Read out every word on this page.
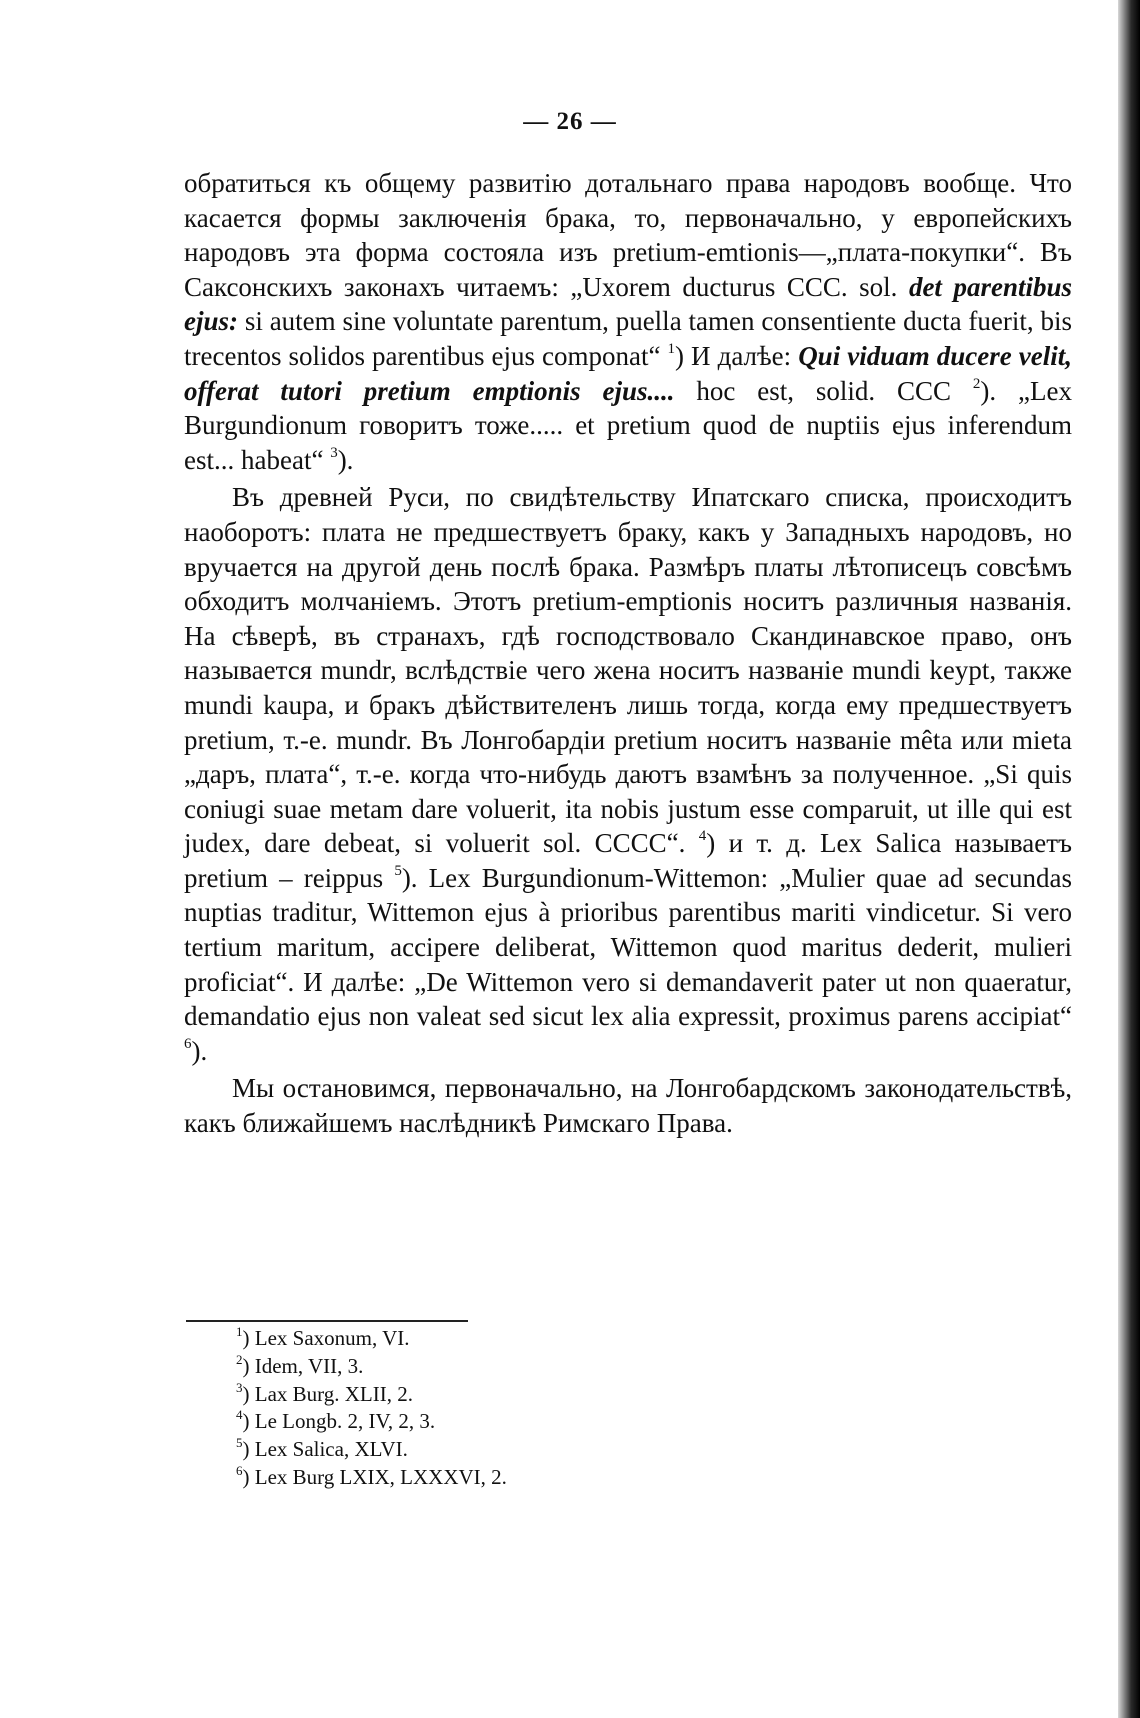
— 26 —

обратиться къ общему развитію дотальнаго права народовъ вообще. Что касается формы заключенія брака, то, первоначально, у европейскихъ народовъ эта форма состояла изъ pretium-emtionis—„плата-покупки“. Въ Саксонскихъ законахъ читаемъ: „Uxorem ducturus CCC. sol. det parentibus ejus: si autem sine voluntate parentum, puella tamen consentiente ducta fuerit, bis trecentos solidos parentibus ejus componat“ $^1$) И далѣе: Qui viduam ducere velit, offerat tutori pretium emptionis ejus.... hoc est, solid. CCC $^2$). „Lex Burgundionum говоритъ тоже..... et pretium quod de nuptiis ejus inferendum est... habeat“ $^3$).

Въ древней Руси, по свидѣтельству Ипатскаго списка, происходитъ наоборотъ: плата не предшествуетъ браку, какъ у Западныхъ народовъ, но вручается на другой день послѣ брака. Размѣръ платы лѣтописецъ совсѣмъ обходитъ молчаніемъ. Этотъ pretium-emptionis носитъ различныя названія. На сѣверѣ, въ странахъ, гдѣ господствовало Скандинавское право, онъ называется mundr, вслѣдствіе чего жена носитъ названіе mundi keypt, также mundi kaupa, и бракъ дѣйствителенъ лишь тогда, когда ему предшествуетъ pretium, т.-е. mundr. Въ Лонгобардіи pretium носитъ названіе mêta или mieta „даръ, плата“, т.-е. когда что-нибудь даютъ взамѣнъ за полученное. „Si quis coniugi suae metam dare voluerit, ita nobis justum esse comparuit, ut ille qui est judex, dare debeat, si voluerit sol. CCCC“. $^4$) и т. д. Lex Salica называетъ pretium – reippus $^5$). Lex Burgundionum-Wittemon: „Mulier quae ad secundas nuptias traditur, Wittemon ejus à prioribus parentibus mariti vindicetur. Si vero tertium maritum, accipere deliberat, Wittemon quod maritus dederit, mulieri proficiat“. И далѣе: „De Wittemon vero si demandaverit pater ut non quaeratur, demandatio ejus non valeat sed sicut lex alia expressit, proximus parens accipiat“ $^6$).

Мы остановимся, первоначально, на Лонгобардскомъ законодательствѣ, какъ ближайшемъ наслѣдникѣ Римскаго Права.

$^1$) Lex Saxonum, VI.
$^2$) Idem, VII, 3.
$^3$) Lax Burg. XLII, 2.
$^4$) Le Longb. 2, IV, 2, 3.
$^5$) Lex Salica, XLVI.
$^6$) Lex Burg LXIX, LXXXVI, 2.
